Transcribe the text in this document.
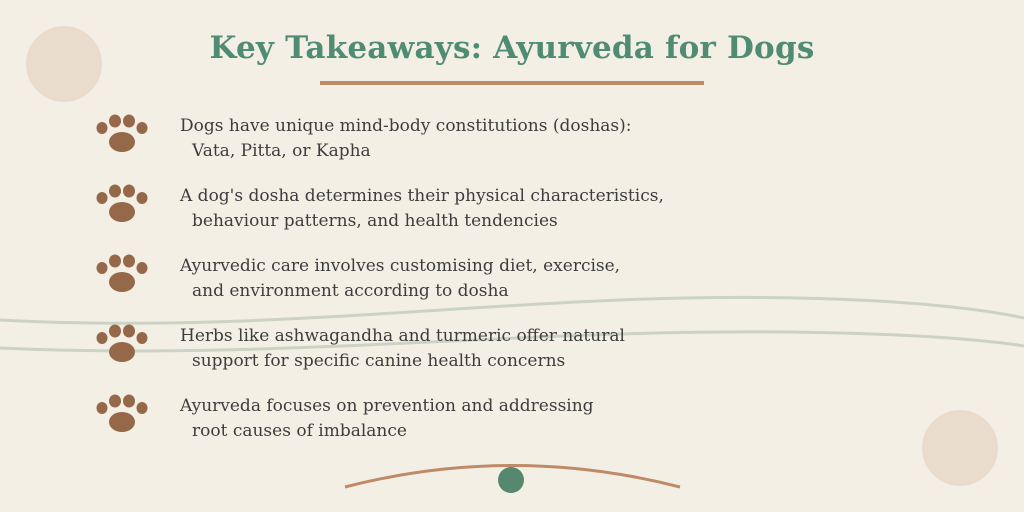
Key Takeaways: Ayurveda for Dogs
Dogs have unique mind-body constitutions (doshas):
Vata, Pitta, or Kapha
A dog's dosha determines their physical characteristics,
behaviour patterns, and health tendencies
Ayurvedic care involves customising diet, exercise,
and environment according to dosha
Herbs like ashwagandha and turmeric offer natural
support for specific canine health concerns
Ayurveda focuses on prevention and addressing
root causes of imbalance
